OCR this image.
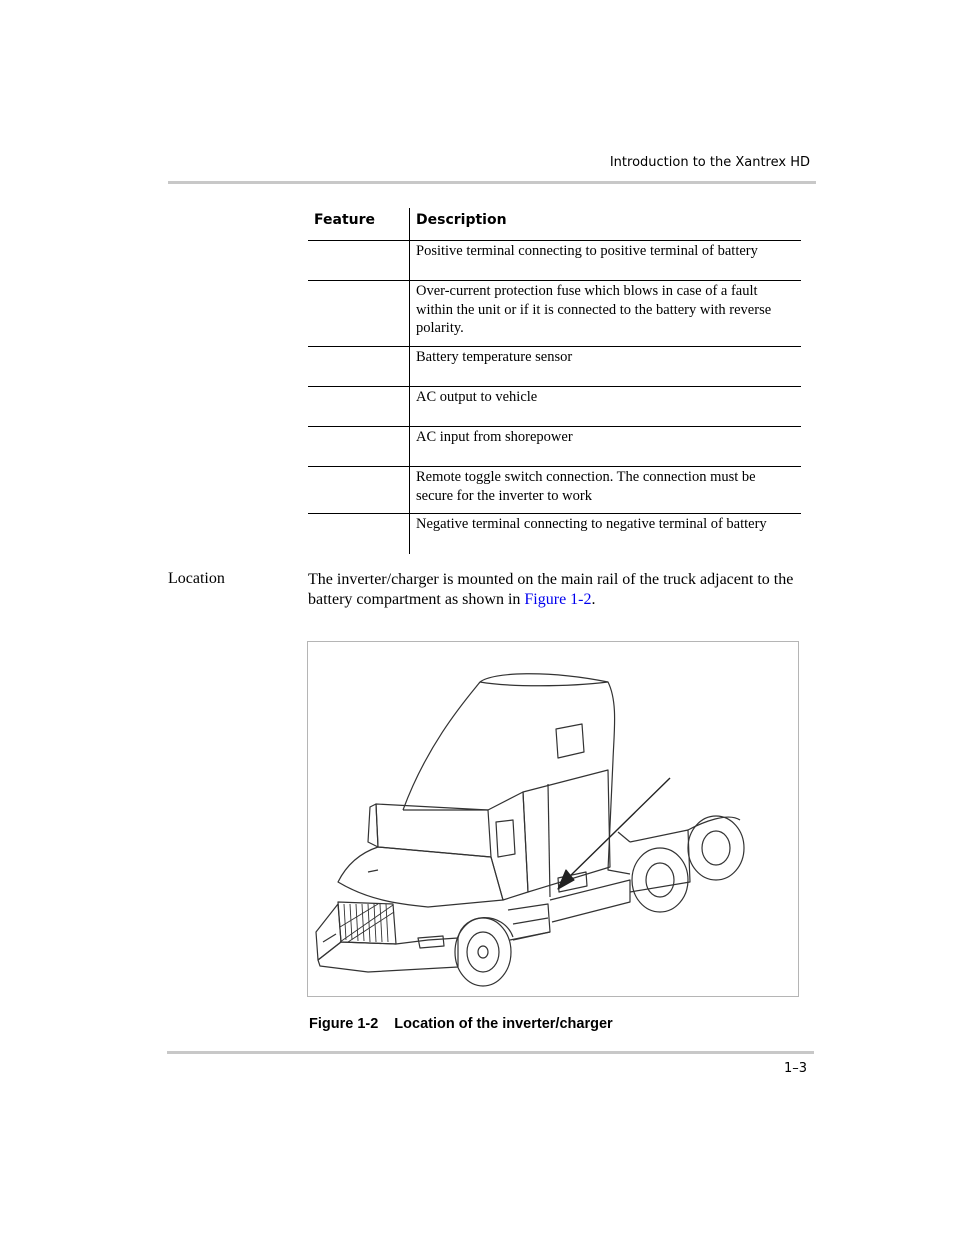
Introduction to the Xantrex HD
Feature	Description
	Positive terminal connecting to positive terminal of battery
	Over-current protection fuse which blows in case of a fault within the unit or if it is connected to the battery with reverse polarity.
	Battery temperature sensor
	AC output to vehicle
	AC input from shorepower
	Remote toggle switch connection. The connection must be secure for the inverter to work
	Negative terminal connecting to negative terminal of battery
Location	The inverter/charger is mounted on the main rail of the truck adjacent to the battery compartment as shown in Figure 1-2.
Figure 1-2 Location of the inverter/charger
1–3
